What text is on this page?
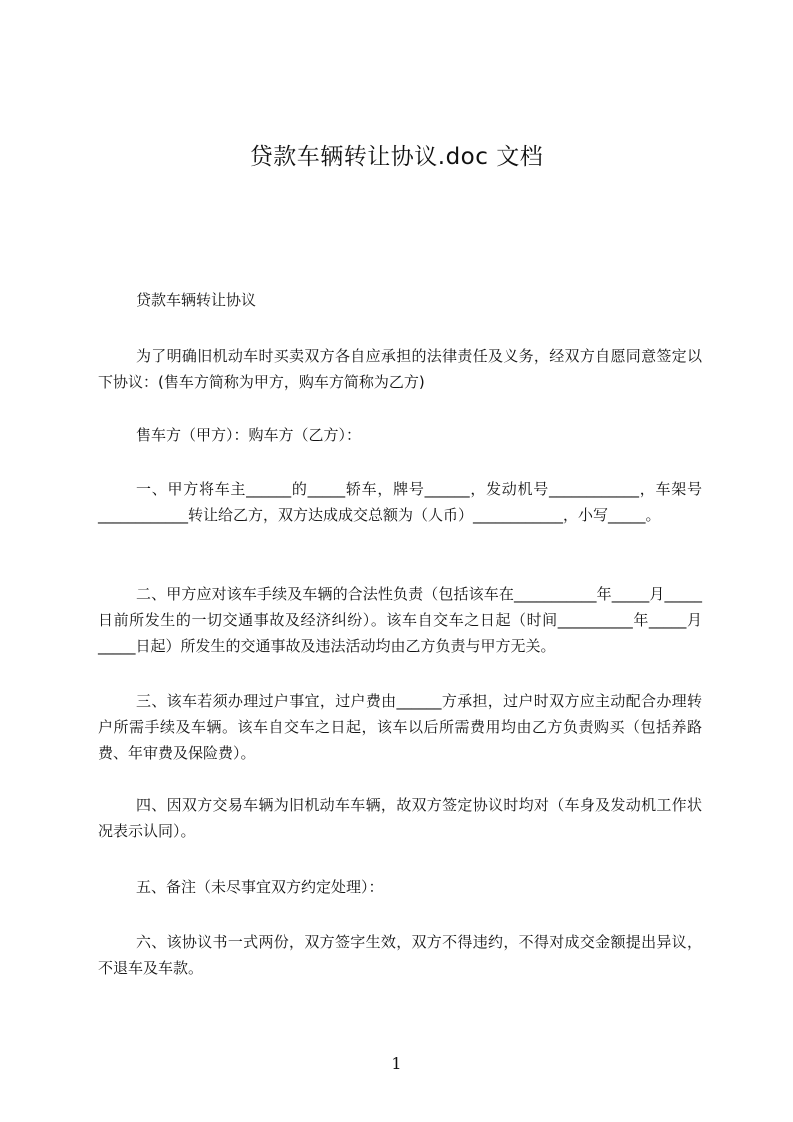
贷款车辆转让协议.doc 文档
贷款车辆转让协议
为了明确旧机动车时买卖双方各自应承担的法律责任及义务，经双方自愿同意签定以下协议：(售车方简称为甲方，购车方简称为乙方)
售车方（甲方）：购车方（乙方）：
一、甲方将车主______的_____轿车，牌号______，发动机号____________，车架号____________转让给乙方，双方达成成交总额为（人币）____________，小写_____。
二、甲方应对该车手续及车辆的合法性负责（包括该车在___________年_____月_____日前所发生的一切交通事故及经济纠纷）。该车自交车之日起（时间__________年_____月_____日起）所发生的交通事故及违法活动均由乙方负责与甲方无关。
三、该车若须办理过户事宜，过户费由______方承担，过户时双方应主动配合办理转户所需手续及车辆。该车自交车之日起，该车以后所需费用均由乙方负责购买（包括养路费、年审费及保险费）。
四、因双方交易车辆为旧机动车车辆，故双方签定协议时均对（车身及发动机工作状况表示认同）。
五、备注（未尽事宜双方约定处理）：
六、该协议书一式两份，双方签字生效，双方不得违约，不得对成交金额提出异议，不退车及车款。
1
